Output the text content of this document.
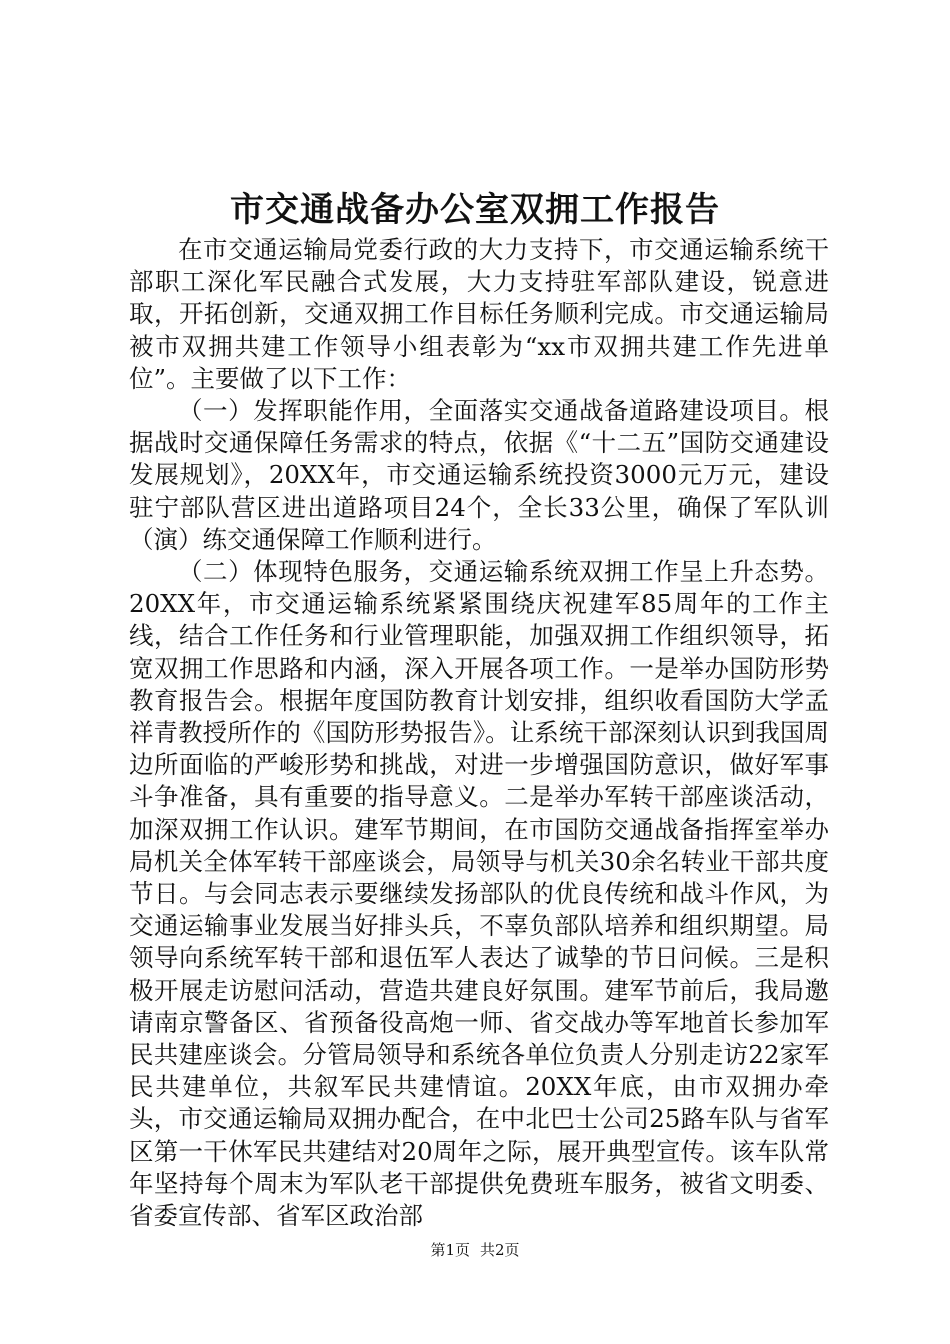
市交通战备办公室双拥工作报告

在市交通运输局党委行政的大力支持下，市交通运输系统干部职工深化军民融合式发展，大力支持驻军部队建设，锐意进取，开拓创新，交通双拥工作目标任务顺利完成。市交通运输局被市双拥共建工作领导小组表彰为“xx市双拥共建工作先进单位”。主要做了以下工作：

（一）发挥职能作用，全面落实交通战备道路建设项目。根据战时交通保障任务需求的特点，依据《“十二五”国防交通建设发展规划》，20XX年，市交通运输系统投资3000元万元，建设驻宁部队营区进出道路项目24个，全长33公里，确保了军队训（演）练交通保障工作顺利进行。

（二）体现特色服务，交通运输系统双拥工作呈上升态势。20XX年，市交通运输系统紧紧围绕庆祝建军85周年的工作主线，结合工作任务和行业管理职能，加强双拥工作组织领导，拓宽双拥工作思路和内涵，深入开展各项工作。一是举办国防形势教育报告会。根据年度国防教育计划安排，组织收看国防大学孟祥青教授所作的《国防形势报告》。让系统干部深刻认识到我国周边所面临的严峻形势和挑战，对进一步增强国防意识，做好军事斗争准备，具有重要的指导意义。二是举办军转干部座谈活动，加深双拥工作认识。建军节期间，在市国防交通战备指挥室举办局机关全体军转干部座谈会，局领导与机关30余名转业干部共度节日。与会同志表示要继续发扬部队的优良传统和战斗作风，为交通运输事业发展当好排头兵，不辜负部队培养和组织期望。局领导向系统军转干部和退伍军人表达了诚挚的节日问候。三是积极开展走访慰问活动，营造共建良好氛围。建军节前后，我局邀请南京警备区、省预备役高炮一师、省交战办等军地首长参加军民共建座谈会。分管局领导和系统各单位负责人分别走访22家军民共建单位，共叙军民共建情谊。20XX年底，由市双拥办牵头，市交通运输局双拥办配合，在中北巴士公司25路车队与省军区第一干休军民共建结对20周年之际，展开典型宣传。该车队常年坚持每个周末为军队老干部提供免费班车服务，被省文明委、省委宣传部、省军区政治部

第1页 共2页
